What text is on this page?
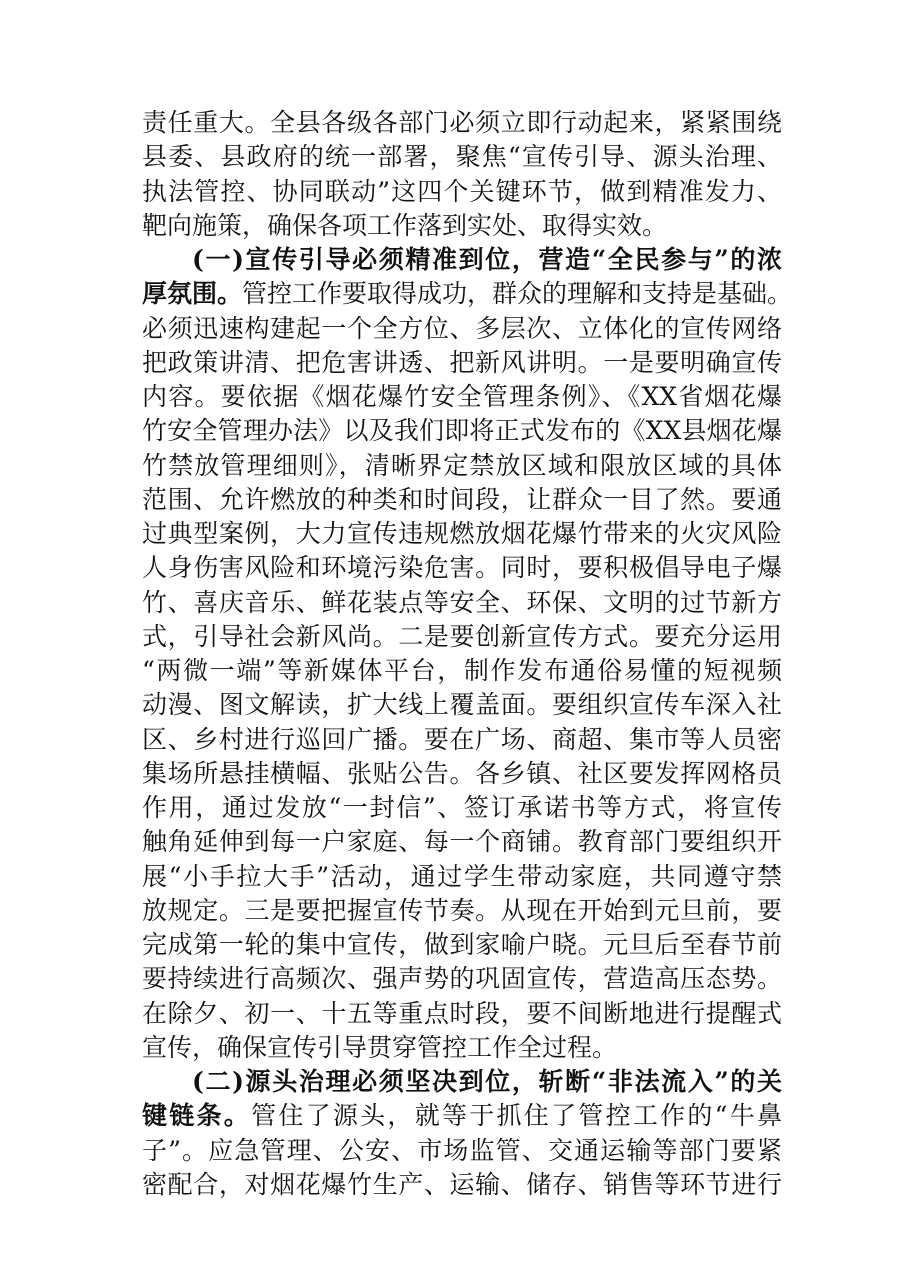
责任重大。全县各级各部门必须立即行动起来，紧紧围绕
县委、县政府的统一部署，聚焦“宣传引导、源头治理、
执法管控、协同联动”这四个关键环节，做到精准发力、
靶向施策，确保各项工作落到实处、取得实效。
(一)宣传引导必须精准到位，营造“全民参与”的浓
厚氛围。管控工作要取得成功，群众的理解和支持是基础。
必须迅速构建起一个全方位、多层次、立体化的宣传网络
把政策讲清、把危害讲透、把新风讲明。一是要明确宣传
内容。要依据《烟花爆竹安全管理条例》、《XX省烟花爆
竹安全管理办法》以及我们即将正式发布的《XX县烟花爆
竹禁放管理细则》，清晰界定禁放区域和限放区域的具体
范围、允许燃放的种类和时间段，让群众一目了然。要通
过典型案例，大力宣传违规燃放烟花爆竹带来的火灾风险
人身伤害风险和环境污染危害。同时，要积极倡导电子爆
竹、喜庆音乐、鲜花装点等安全、环保、文明的过节新方
式，引导社会新风尚。二是要创新宣传方式。要充分运用
“两微一端”等新媒体平台，制作发布通俗易懂的短视频
动漫、图文解读，扩大线上覆盖面。要组织宣传车深入社
区、乡村进行巡回广播。要在广场、商超、集市等人员密
集场所悬挂横幅、张贴公告。各乡镇、社区要发挥网格员
作用，通过发放“一封信”、签订承诺书等方式，将宣传
触角延伸到每一户家庭、每一个商铺。教育部门要组织开
展“小手拉大手”活动，通过学生带动家庭，共同遵守禁
放规定。三是要把握宣传节奏。从现在开始到元旦前，要
完成第一轮的集中宣传，做到家喻户晓。元旦后至春节前
要持续进行高频次、强声势的巩固宣传，营造高压态势。
在除夕、初一、十五等重点时段，要不间断地进行提醒式
宣传，确保宣传引导贯穿管控工作全过程。
(二)源头治理必须坚决到位，斩断“非法流入”的关
键链条。管住了源头，就等于抓住了管控工作的“牛鼻
子”。应急管理、公安、市场监管、交通运输等部门要紧
密配合，对烟花爆竹生产、运输、储存、销售等环节进行
